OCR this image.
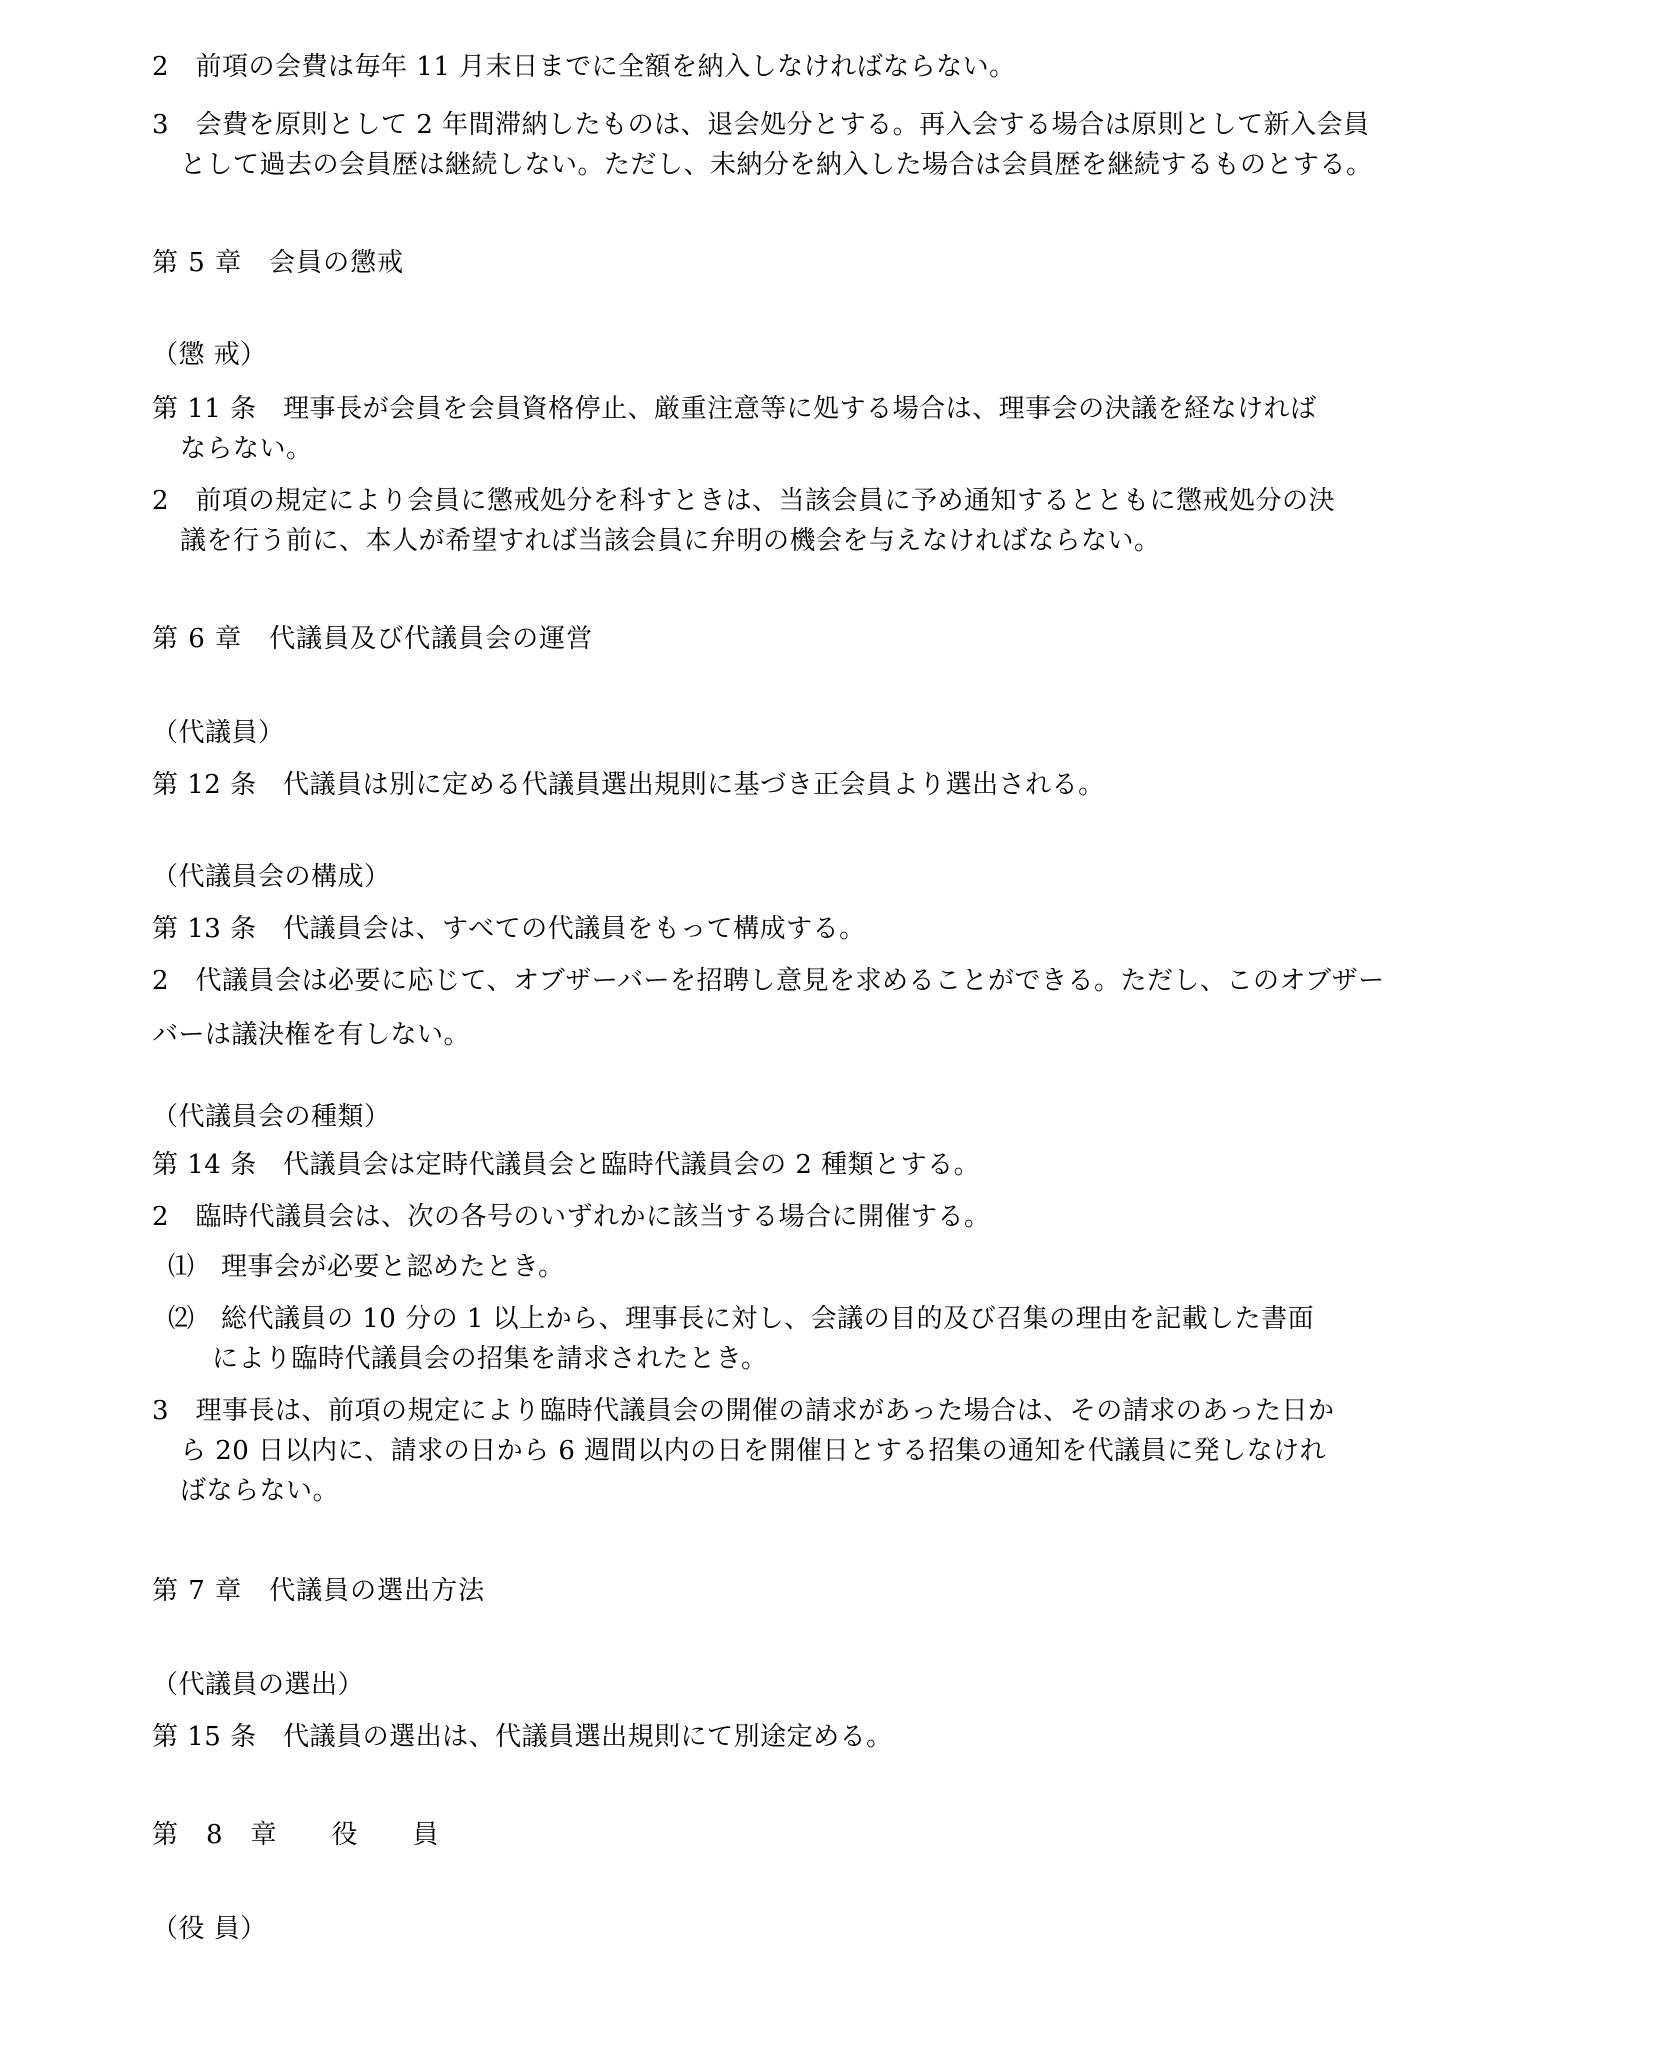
2　前項の会費は毎年 11 月末日までに全額を納入しなければならない。
3　会費を原則として 2 年間滞納したものは、退会処分とする。再入会する場合は原則として新入会員
として過去の会員歴は継続しない。ただし、未納分を納入した場合は会員歴を継続するものとする。
第 5 章　会員の懲戒
（懲 戒）
第 11 条　理事長が会員を会員資格停止、厳重注意等に処する場合は、理事会の決議を経なければ
ならない。
2　前項の規定により会員に懲戒処分を科すときは、当該会員に予め通知するとともに懲戒処分の決
議を行う前に、本人が希望すれば当該会員に弁明の機会を与えなければならない。
第 6 章　代議員及び代議員会の運営
（代議員）
第 12 条　代議員は別に定める代議員選出規則に基づき正会員より選出される。
（代議員会の構成）
第 13 条　代議員会は、すべての代議員をもって構成する。
2　代議員会は必要に応じて、オブザーバーを招聘し意見を求めることができる。ただし、このオブザー
バーは議決権を有しない。
（代議員会の種類）
第 14 条　代議員会は定時代議員会と臨時代議員会の 2 種類とする。
2　臨時代議員会は、次の各号のいずれかに該当する場合に開催する。
⑴　理事会が必要と認めたとき。
⑵　総代議員の 10 分の 1 以上から、理事長に対し、会議の目的及び召集の理由を記載した書面
により臨時代議員会の招集を請求されたとき。
3　理事長は、前項の規定により臨時代議員会の開催の請求があった場合は、その請求のあった日か
ら 20 日以内に、請求の日から 6 週間以内の日を開催日とする招集の通知を代議員に発しなけれ
ばならない。
第 7 章　代議員の選出方法
（代議員の選出）
第 15 条　代議員の選出は、代議員選出規則にて別途定める。
第　8　章　　役　　員
（役 員）
